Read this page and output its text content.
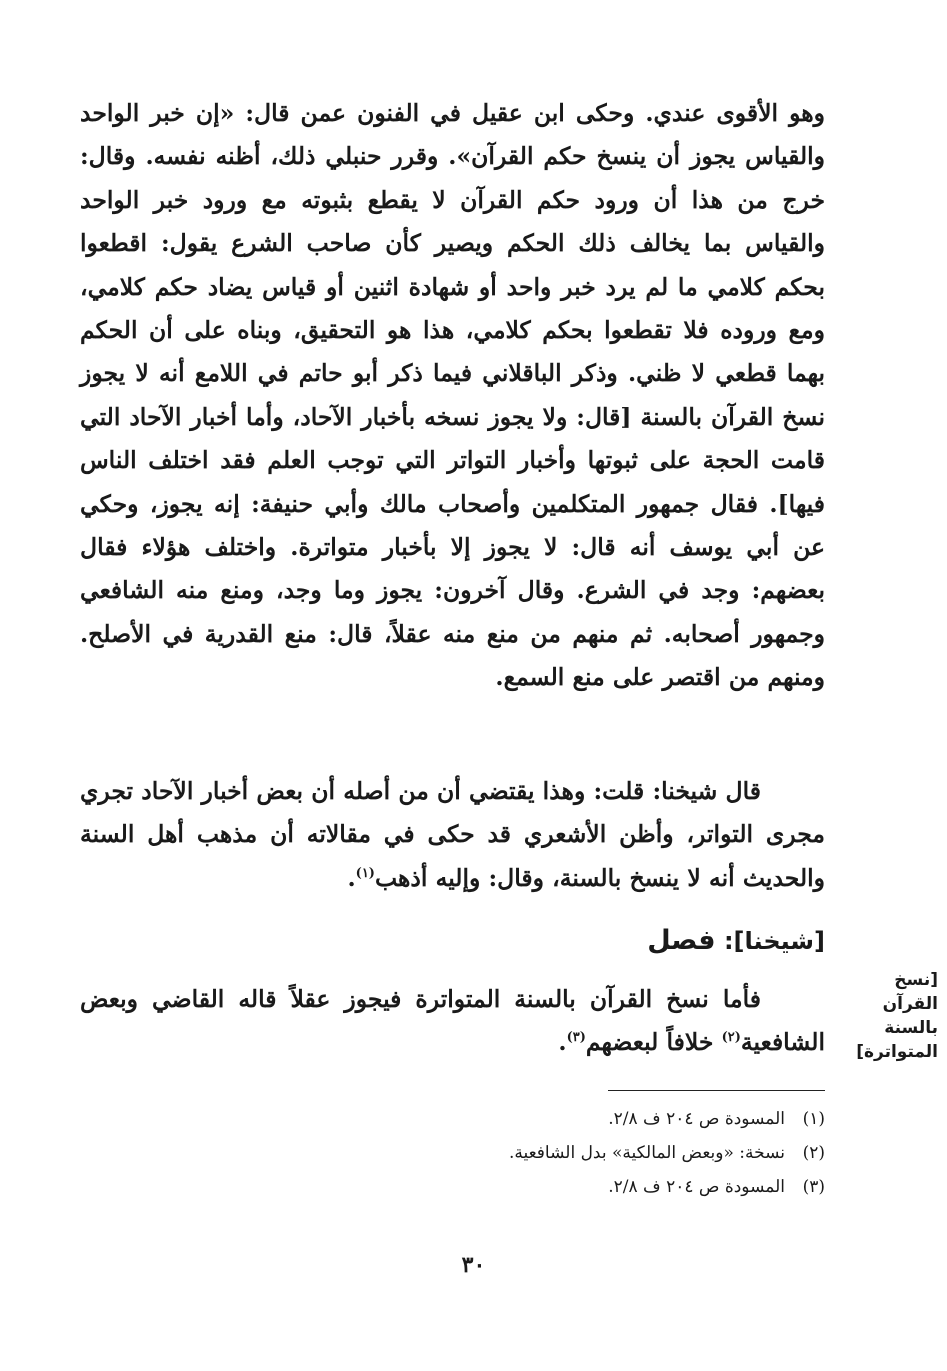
وهو الأقوى عندي. وحكى ابن عقيل في الفنون عمن قال: «إن خبر الواحد والقياس يجوز أن ينسخ حكم القرآن». وقرر حنبلي ذلك، أظنه نفسه. وقال: خرج من هذا أن ورود حكم القرآن لا يقطع بثبوته مع ورود خبر الواحد والقياس بما يخالف ذلك الحكم ويصير كأن صاحب الشرع يقول: اقطعوا بحكم كلامي ما لم يرد خبر واحد أو شهادة اثنين أو قياس يضاد حكم كلامي، ومع وروده فلا تقطعوا بحكم كلامي، هذا هو التحقيق، وبناه على أن الحكم بهما قطعي لا ظني. وذكر الباقلاني فيما ذكر أبو حاتم في اللامع أنه لا يجوز نسخ القرآن بالسنة [قال: ولا يجوز نسخه بأخبار الآحاد، وأما أخبار الآحاد التي قامت الحجة على ثبوتها وأخبار التواتر التي توجب العلم فقد اختلف الناس فيها]. فقال جمهور المتكلمين وأصحاب مالك وأبي حنيفة: إنه يجوز، وحكي عن أبي يوسف أنه قال: لا يجوز إلا بأخبار متواترة. واختلف هؤلاء فقال بعضهم: وجد في الشرع. وقال آخرون: يجوز وما وجد، ومنع منه الشافعي وجمهور أصحابه. ثم منهم من منع منه عقلاً، قال: منع القدرية في الأصلح. ومنهم من اقتصر على منع السمع.

قال شيخنا: قلت: وهذا يقتضي أن من أصله أن بعض أخبار الآحاد تجري مجرى التواتر، وأظن الأشعري قد حكى في مقالاته أن مذهب أهل السنة والحديث أنه لا ينسخ بالسنة، وقال: وإليه أذهب$^{(١)}$.

[شيخنا]: فصل

فأما نسخ القرآن بالسنة المتواترة فيجوز عقلاً قاله القاضي وبعض الشافعية$^{(٢)}$ خلافاً لبعضهم$^{(٣)}$.

[نسخ
القرآن
بالسنة
المتواترة]
(١)المسودة ص ٢٠٤ ف ٢/٨.
(٢)نسخة: «وبعض المالكية» بدل الشافعية.
(٣)المسودة ص ٢٠٤ ف ٢/٨.
٣٠
